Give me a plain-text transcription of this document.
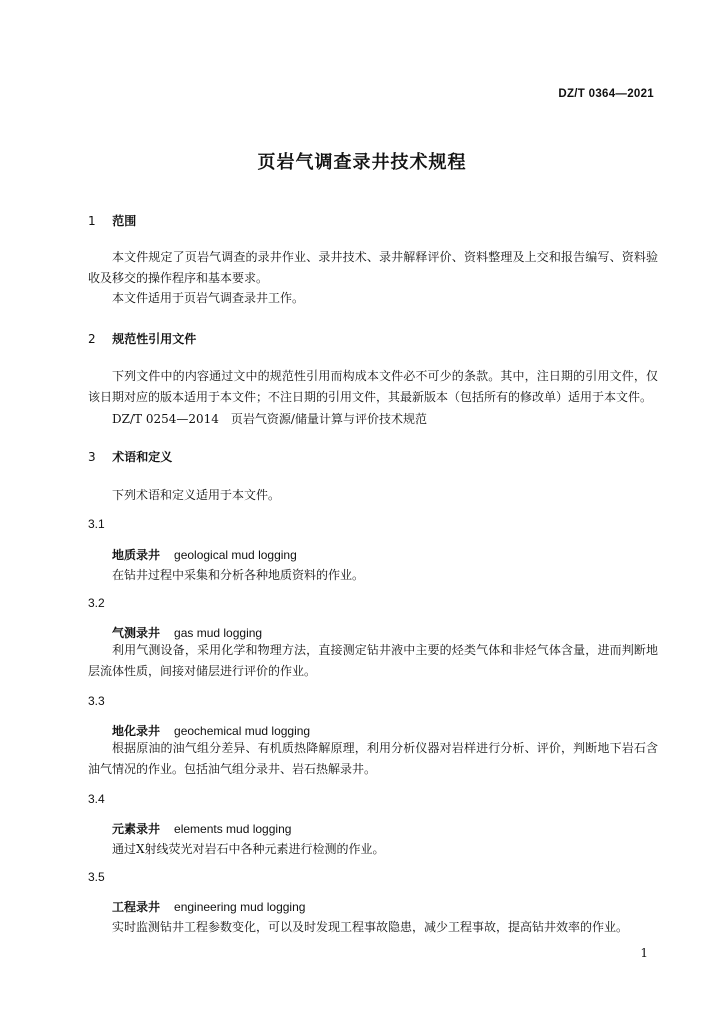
DZ/T 0364—2021
页岩气调查录井技术规程
1 范围

本文件规定了页岩气调查的录井作业、录井技术、录井解释评价、资料整理及上交和报告编写、资料验收及移交的操作程序和基本要求。

本文件适用于页岩气调查录井工作。

2 规范性引用文件

下列文件中的内容通过文中的规范性引用而构成本文件必不可少的条款。其中，注日期的引用文件，仅该日期对应的版本适用于本文件；不注日期的引用文件，其最新版本（包括所有的修改单）适用于本文件。

DZ/T 0254—2014　页岩气资源/储量计算与评价技术规范
3 术语和定义
下列术语和定义适用于本文件。
3.1
地质录井 geological mud logging
在钻井过程中采集和分析各种地质资料的作业。
3.2
气测录井 gas mud logging

利用气测设备，采用化学和物理方法，直接测定钻井液中主要的烃类气体和非烃气体含量，进而判断地层流体性质，间接对储层进行评价的作业。

3.3
地化录井 geochemical mud logging

根据原油的油气组分差异、有机质热降解原理，利用分析仪器对岩样进行分析、评价，判断地下岩石含油气情况的作业。包括油气组分录井、岩石热解录井。

3.4
元素录井 elements mud logging
通过X射线荧光对岩石中各种元素进行检测的作业。
3.5
工程录井 engineering mud logging
实时监测钻井工程参数变化，可以及时发现工程事故隐患，减少工程事故，提高钻井效率的作业。
1
